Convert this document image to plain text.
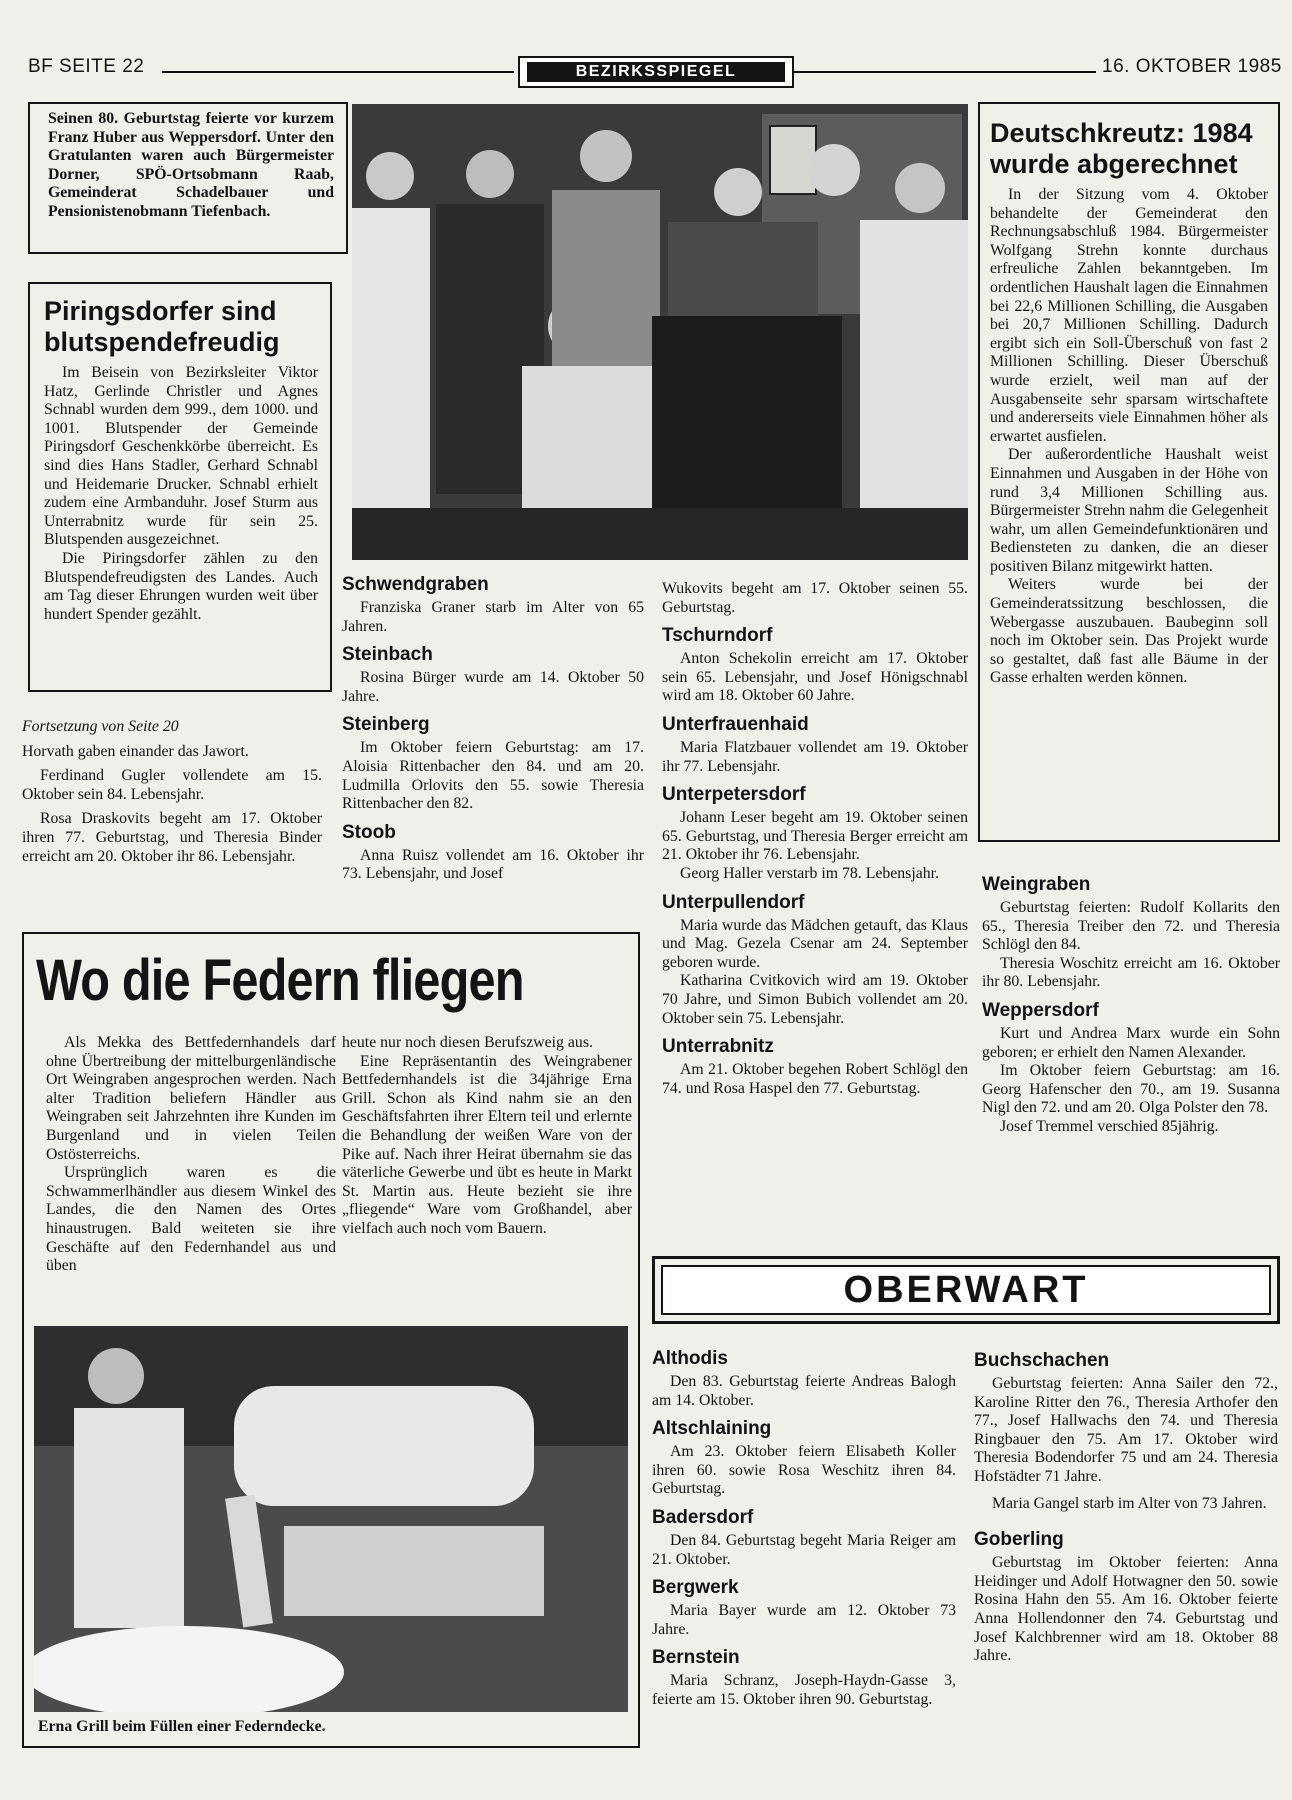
BF SEITE 22	BEZIRKSSPIEGEL	16. OKTOBER 1985

Seinen 80. Geburtstag feierte vor kurzem Franz Huber aus Weppersdorf. Unter den Gratulanten waren auch Bürgermeister Dorner, SPÖ-Ortsobmann Raab, Gemeinderat Schadelbauer und Pensionistenobmann Tiefenbach.

Piringsdorfer sind blutspendefreudig

Im Beisein von Bezirksleiter Viktor Hatz, Gerlinde Christler und Agnes Schnabl wurden dem 999., dem 1000. und 1001. Blutspender der Gemeinde Piringsdorf Geschenkkörbe überreicht. Es sind dies Hans Stadler, Gerhard Schnabl und Heidemarie Drucker. Schnabl erhielt zudem eine Armbanduhr. Josef Sturm aus Unterrabnitz wurde für sein 25. Blutspenden ausgezeichnet.

Die Piringsdorfer zählen zu den Blutspendefreudigsten des Landes. Auch am Tag dieser Ehrungen wurden weit über hundert Spender gezählt.

Fortsetzung von Seite 20

Horvath gaben einander das Jawort.

Ferdinand Gugler vollendete am 15. Oktober sein 84. Lebensjahr.

Rosa Draskovits begeht am 17. Oktober ihren 77. Geburtstag, und Theresia Binder erreicht am 20. Oktober ihr 86. Lebensjahr.

Schwendgraben

Franziska Graner starb im Alter von 65 Jahren.

Steinbach

Rosina Bürger wurde am 14. Oktober 50 Jahre.

Steinberg

Im Oktober feiern Geburtstag: am 17. Aloisia Rittenbacher den 84. und am 20. Ludmilla Orlovits den 55. sowie Theresia Rittenbacher den 82.

Stoob

Anna Ruisz vollendet am 16. Oktober ihr 73. Lebensjahr, und Josef

Wukovits begeht am 17. Oktober seinen 55. Geburtstag.

Tschurndorf

Anton Schekolin erreicht am 17. Oktober sein 65. Lebensjahr, und Josef Hönigschnabl wird am 18. Oktober 60 Jahre.

Unterfrauenhaid

Maria Flatzbauer vollendet am 19. Oktober ihr 77. Lebensjahr.

Unterpetersdorf

Johann Leser begeht am 19. Oktober seinen 65. Geburtstag, und Theresia Berger erreicht am 21. Oktober ihr 76. Lebensjahr.

Georg Haller verstarb im 78. Lebensjahr.

Unterpullendorf

Maria wurde das Mädchen getauft, das Klaus und Mag. Gezela Csenar am 24. September geboren wurde.

Katharina Cvitkovich wird am 19. Oktober 70 Jahre, und Simon Bubich vollendet am 20. Oktober sein 75. Lebensjahr.

Unterrabnitz

Am 21. Oktober begehen Robert Schlögl den 74. und Rosa Haspel den 77. Geburtstag.

Deutschkreutz: 1984 wurde abgerechnet

In der Sitzung vom 4. Oktober behandelte der Gemeinderat den Rechnungsabschluß 1984. Bürgermeister Wolfgang Strehn konnte durchaus erfreuliche Zahlen bekanntgeben. Im ordentlichen Haushalt lagen die Einnahmen bei 22,6 Millionen Schilling, die Ausgaben bei 20,7 Millionen Schilling. Dadurch ergibt sich ein Soll-Überschuß von fast 2 Millionen Schilling. Dieser Überschuß wurde erzielt, weil man auf der Ausgabenseite sehr sparsam wirtschaftete und andererseits viele Einnahmen höher als erwartet ausfielen.

Der außerordentliche Haushalt weist Einnahmen und Ausgaben in der Höhe von rund 3,4 Millionen Schilling aus. Bürgermeister Strehn nahm die Gelegenheit wahr, um allen Gemeindefunktionären und Bediensteten zu danken, die an dieser positiven Bilanz mitgewirkt hatten.

Weiters wurde bei der Gemeinderatssitzung beschlossen, die Webergasse auszubauen. Baubeginn soll noch im Oktober sein. Das Projekt wurde so gestaltet, daß fast alle Bäume in der Gasse erhalten werden können.

Weingraben

Geburtstag feierten: Rudolf Kollarits den 65., Theresia Treiber den 72. und Theresia Schlögl den 84.

Theresia Woschitz erreicht am 16. Oktober ihr 80. Lebensjahr.

Weppersdorf

Kurt und Andrea Marx wurde ein Sohn geboren; er erhielt den Namen Alexander.

Im Oktober feiern Geburtstag: am 16. Georg Hafenscher den 70., am 19. Susanna Nigl den 72. und am 20. Olga Polster den 78.

Josef Tremmel verschied 85jährig.

Wo die Federn fliegen

Als Mekka des Bettfedernhandels darf ohne Übertreibung der mittelburgenländische Ort Weingraben angesprochen werden. Nach alter Tradition beliefern Händler aus Weingraben seit Jahrzehnten ihre Kunden im Burgenland und in vielen Teilen Ostösterreichs.

Ursprünglich waren es die Schwammerlhändler aus diesem Winkel des Landes, die den Namen des Ortes hinaustrugen. Bald weiteten sie ihre Geschäfte auf den Federnhandel aus und üben

heute nur noch diesen Berufszweig aus.

Eine Repräsentantin des Weingrabener Bettfedernhandels ist die 34jährige Erna Grill. Schon als Kind nahm sie an den Geschäftsfahrten ihrer Eltern teil und erlernte die Behandlung der weißen Ware von der Pike auf. Nach ihrer Heirat übernahm sie das väterliche Gewerbe und übt es heute in Markt St. Martin aus. Heute bezieht sie ihre „fliegende“ Ware vom Großhandel, aber vielfach auch noch vom Bauern.

Erna Grill beim Füllen einer Federndecke.
OBERWART
Althodis

Den 83. Geburtstag feierte Andreas Balogh am 14. Oktober.

Altschlaining

Am 23. Oktober feiern Elisabeth Koller ihren 60. sowie Rosa Weschitz ihren 84. Geburtstag.

Badersdorf

Den 84. Geburtstag begeht Maria Reiger am 21. Oktober.

Bergwerk

Maria Bayer wurde am 12. Oktober 73 Jahre.

Bernstein

Maria Schranz, Joseph-Haydn-Gasse 3, feierte am 15. Oktober ihren 90. Geburtstag.

Buchschachen

Geburtstag feierten: Anna Sailer den 72., Karoline Ritter den 76., Theresia Arthofer den 77., Josef Hallwachs den 74. und Theresia Ringbauer den 75. Am 17. Oktober wird Theresia Bodendorfer 75 und am 24. Theresia Hofstädter 71 Jahre.

Maria Gangel starb im Alter von 73 Jahren.

Goberling

Geburtstag im Oktober feierten: Anna Heidinger und Adolf Hotwagner den 50. sowie Rosina Hahn den 55. Am 16. Oktober feierte Anna Hollendonner den 74. Geburtstag und Josef Kalchbrenner wird am 18. Oktober 88 Jahre.
